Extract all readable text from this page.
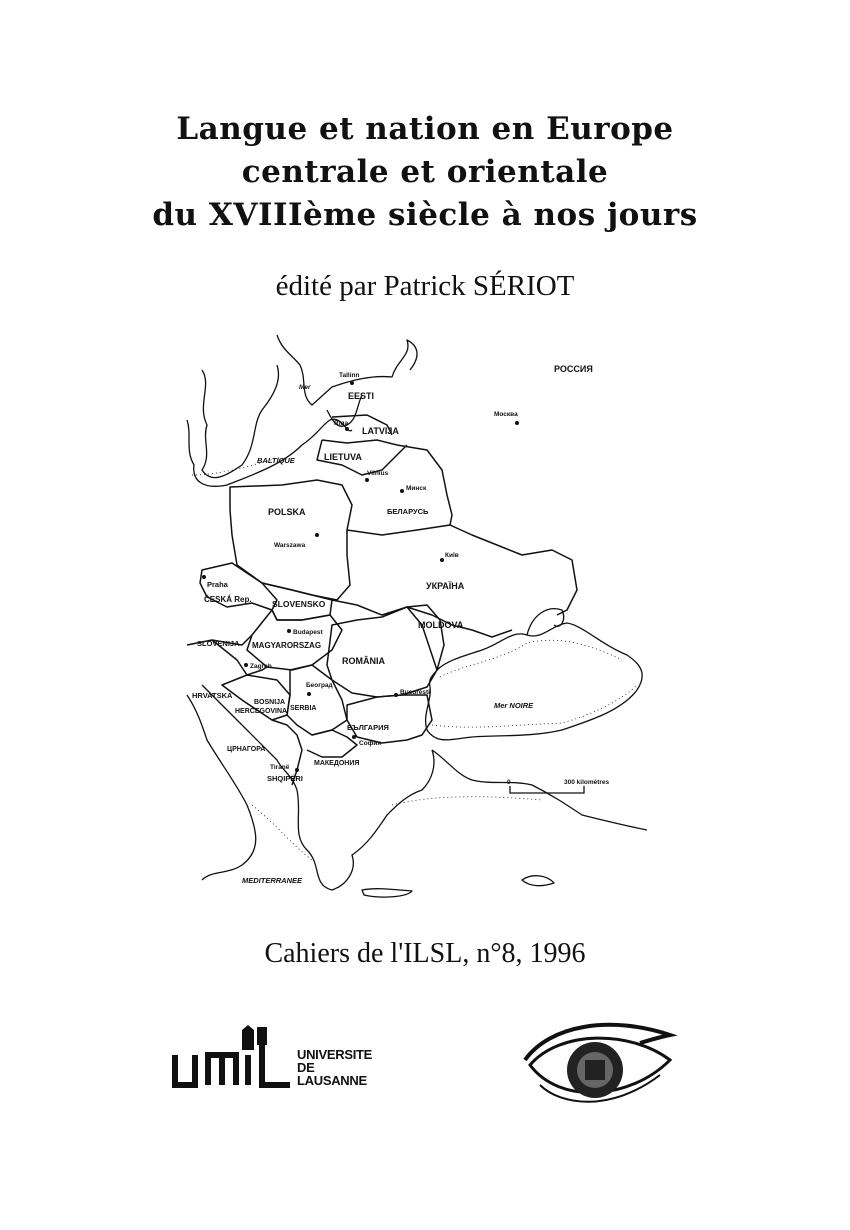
Langue et nation en Europe
centrale et orientale
du XVIIIème siècle à nos jours
édité par Patrick SÉRIOT
РОССИЯ
Москва
Tallinn
Mer
EESTI
Riga
LATVIJA
BALTIQUE	LIETUVA
Vilnius
Минск
БЕЛАРУСЬ
POLSKA
Warszawa
Київ
УКРАЇНА
Praha
ČESKÁ Rep. SLOVENSKO
MOLDOVA
Budapest
SLOVENIJA MAGYARORSZAG
Zagreb
ROMÂNIA
Београд
Bucureşti
HRVATSKA
BOSNIJA
HERCEGOVINA SERBIA	Mer NOIRE
БЪЛГАРИЯ
София
ЦРНАГОРА
МАКЕДОНИЯ
Tiranë
SHQIPËRI
MEDITERRANEE
0	300 kilomètres
Cahiers de l'ILSL, n°8, 1996
UNIVERSITE
DE
LAUSANNE
